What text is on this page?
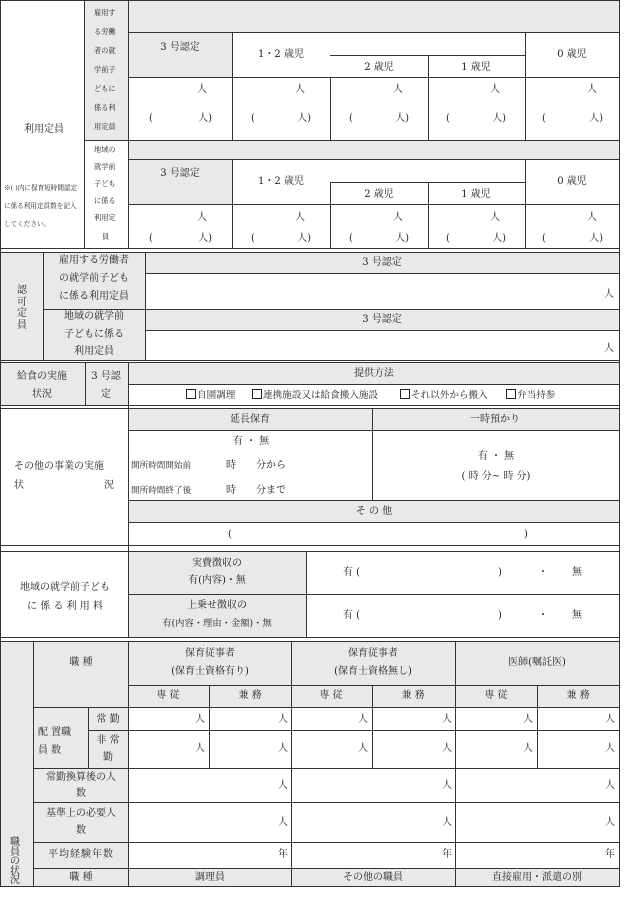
利用定員
※( )内に保育短時間認定に係る利用定員数を記入してください。
雇用す
る労働
者の就
学前子
どもに
係る利
用定員
3 号認定
1・2 歳児
2 歳児	1 歳児
0 歳児
人	人	人	人	人
(	人)	(	人)	(	人)	(	人)	(	人)
地域の
就学前
子ども
に係る
利用定
員
3 号認定
1・2 歳児
2 歳児	1 歳児
0 歳児
人	人	人	人	人
(	人)	(	人)	(	人)	(	人)	(	人)
認可定員
雇用する労働者
の就学前子ども
に係る利用定員
3 号認定
人
地域の就学前
子どもに係る
利用定員
3 号認定
人
給食の実施
状況
3 号認
定
提供方法
自園調理	連携施設又は給食搬入施設	それ以外から搬入	弁当持参
その他の事業の実施
状	況
延長保育	一時預かり
有 ・ 無
開所時間開始前	時 分から
開所時間終了後	時 分まで
有 ・ 無
( 時 分~ 時 分)
そ の 他
(	)
地域の就学前子ども
に 係 る 利 用 料
実費徴収の
有(内容)・無
有 (	)	・ 無
上乗せ徴収の
有(内容・理由・金額)・無
有 (	)	・ 無
職員の状況
職 種
保育従事者
(保育士資格有り)
保育従事者
(保育士資格無し)
医師(嘱託医)
専 従	兼 務	専 従	兼 務	専 従	兼 務
配 置職
員 数
常 勤
非 常
勤
人	人	人	人	人	人
人	人	人	人	人	人
常勤換算後の人
数
人	人	人
基準上の必要人
数
人	人	人
平均経験年数	年	年	年
職 種	調理員	その他の職員	直接雇用・派遣の別
